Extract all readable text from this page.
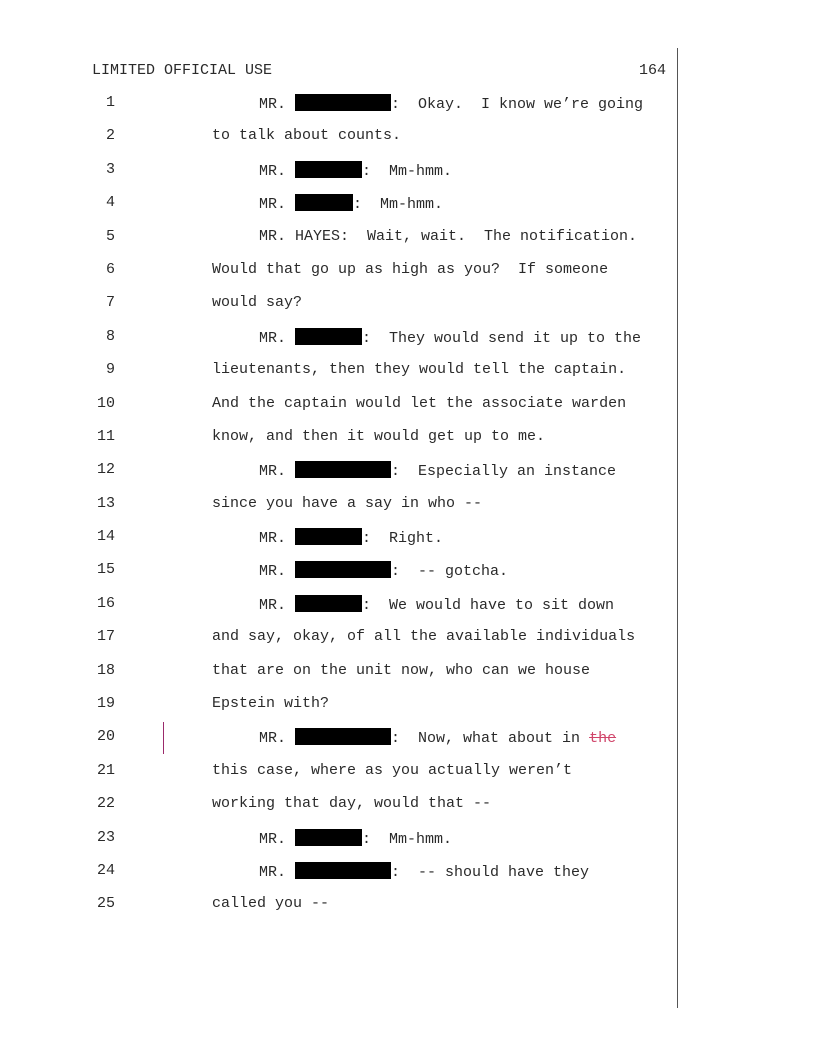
LIMITED OFFICIAL USE	164
1	MR.	:  Okay.  I know we’re going
2	to talk about counts.
3	MR.	:  Mm-hmm.
4	MR.	:  Mm-hmm.
5	MR. HAYES:  Wait, wait.  The notification.
6	Would that go up as high as you?  If someone
7	would say?
8	MR.	:  They would send it up to the
9	lieutenants, then they would tell the captain.
10	And the captain would let the associate warden
11	know, and then it would get up to me.
12	MR.	:  Especially an instance
13	since you have a say in who --
14	MR.	:  Right.
15	MR.	:  -- gotcha.
16	MR.	:  We would have to sit down
17	and say, okay, of all the available individuals
18	that are on the unit now, who can we house
19	Epstein with?
20	MR.	:  Now, what about in the
21	this case, where as you actually weren’t
22	working that day, would that --
23	MR.	:  Mm-hmm.
24	MR.	:  -- should have they
25	called you --
